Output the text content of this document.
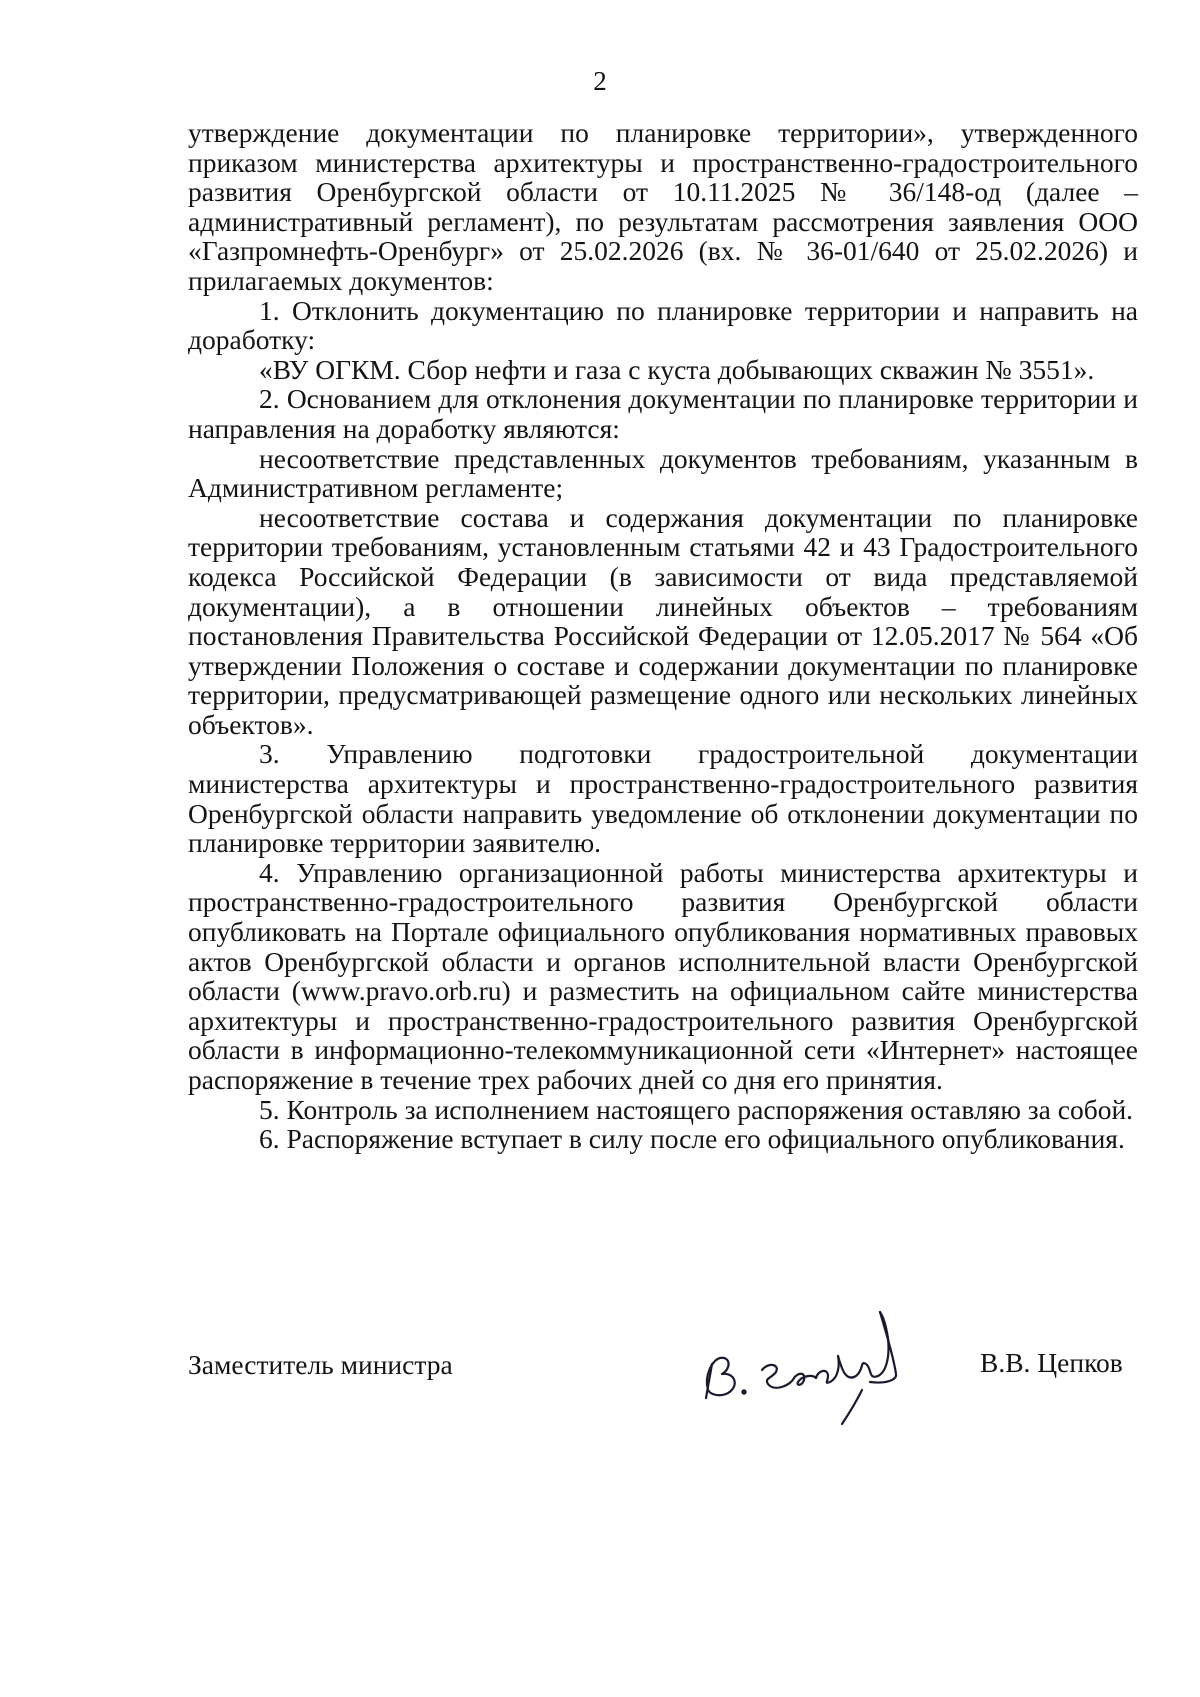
2

утверждение документации по планировке территории», утвержденного приказом министерства архитектуры и пространственно-градостроительного развития Оренбургской области от 10.11.2025 № 36/148-од (далее – административный регламент), по результатам рассмотрения заявления ООО «Газпромнефть-Оренбург» от 25.02.2026 (вх. № 36-01/640 от 25.02.2026) и прилагаемых документов:

1. Отклонить документацию по планировке территории и направить на доработку:

«ВУ ОГКМ. Сбор нефти и газа с куста добывающих скважин № 3551».

2. Основанием для отклонения документации по планировке территории и направления на доработку являются:

несоответствие представленных документов требованиям, указанным в Административном регламенте;

несоответствие состава и содержания документации по планировке территории требованиям, установленным статьями 42 и 43 Градостроительного кодекса Российской Федерации (в зависимости от вида представляемой документации), а в отношении линейных объектов – требованиям постановления Правительства Российской Федерации от 12.05.2017 № 564 «Об утверждении Положения о составе и содержании документации по планировке территории, предусматривающей размещение одного или нескольких линейных объектов».

3. Управлению подготовки градостроительной документации министерства архитектуры и пространственно-градостроительного развития Оренбургской области направить уведомление об отклонении документации по планировке территории заявителю.

4. Управлению организационной работы министерства архитектуры и пространственно-градостроительного развития Оренбургской области опубликовать на Портале официального опубликования нормативных правовых актов Оренбургской области и органов исполнительной власти Оренбургской области (www.pravo.orb.ru) и разместить на официальном сайте министерства архитектуры и пространственно-градостроительного развития Оренбургской области в информационно-телекоммуникационной сети «Интернет» настоящее распоряжение в течение трех рабочих дней со дня его принятия.

5. Контроль за исполнением настоящего распоряжения оставляю за собой.

6. Распоряжение вступает в силу после его официального опубликования.

Заместитель министра	В.В. Цепков
